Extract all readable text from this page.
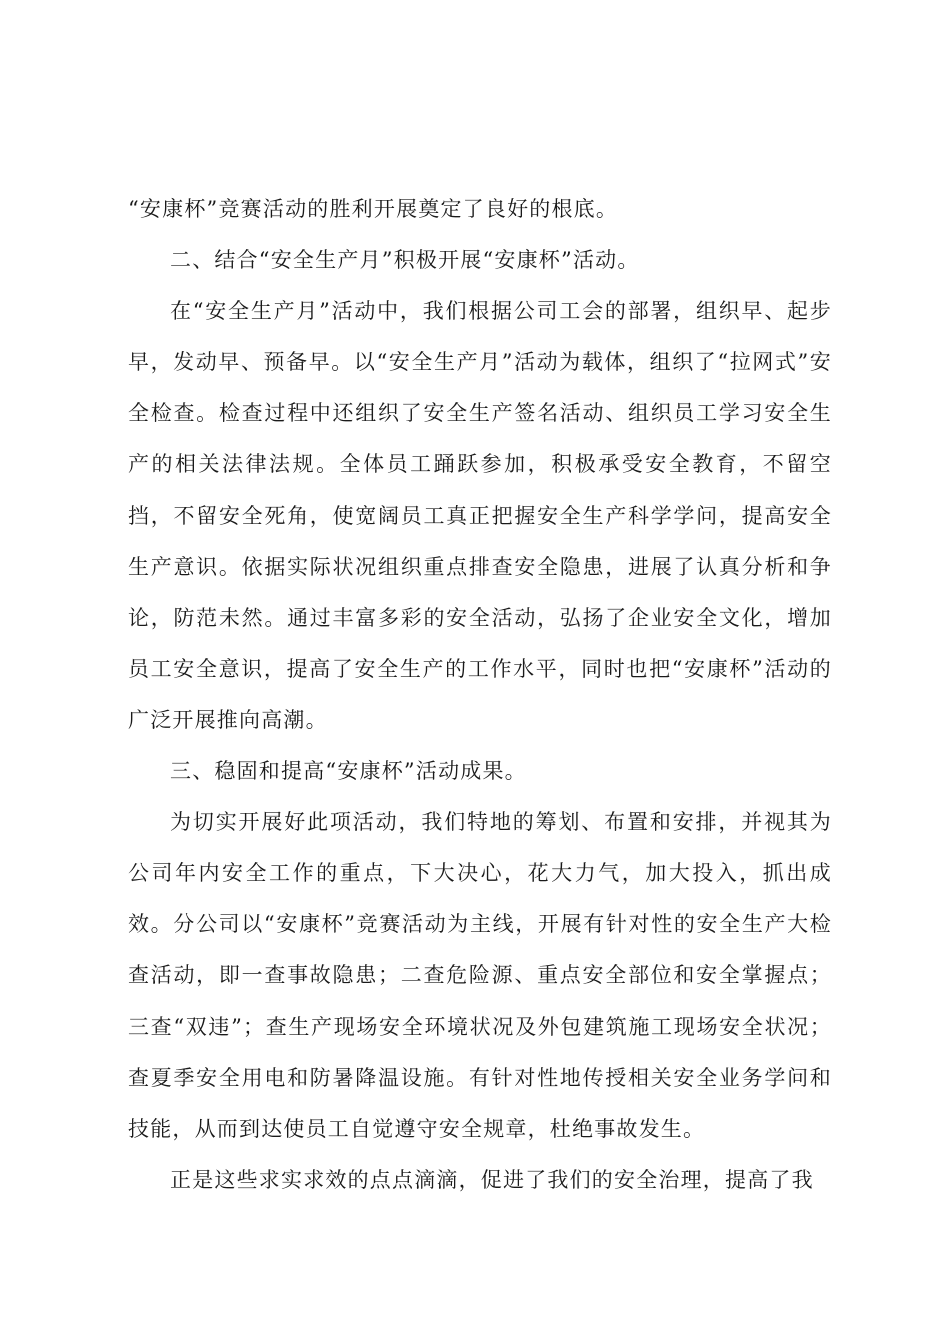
“安康杯”竞赛活动的胜利开展奠定了良好的根底。

二、结合“安全生产月”积极开展“安康杯”活动。

在“安全生产月”活动中，我们根据公司工会的部署，组织早、起步早，发动早、预备早。以“安全生产月”活动为载体，组织了“拉网式”安全检查。检查过程中还组织了安全生产签名活动、组织员工学习安全生产的相关法律法规。全体员工踊跃参加，积极承受安全教育，不留空挡，不留安全死角，使宽阔员工真正把握安全生产科学学问，提高安全生产意识。依据实际状况组织重点排查安全隐患，进展了认真分析和争论，防范未然。通过丰富多彩的安全活动，弘扬了企业安全文化，增加员工安全意识，提高了安全生产的工作水平，同时也把“安康杯”活动的广泛开展推向高潮。

三、稳固和提高“安康杯”活动成果。

为切实开展好此项活动，我们特地的筹划、布置和安排，并视其为公司年内安全工作的重点，下大决心，花大力气，加大投入，抓出成效。分公司以“安康杯”竞赛活动为主线，开展有针对性的安全生产大检查活动，即一查事故隐患；二查危险源、重点安全部位和安全掌握点；三查“双违”；查生产现场安全环境状况及外包建筑施工现场安全状况；查夏季安全用电和防暑降温设施。有针对性地传授相关安全业务学问和技能，从而到达使员工自觉遵守安全规章，杜绝事故发生。

正是这些求实求效的点点滴滴，促进了我们的安全治理，提高了我
